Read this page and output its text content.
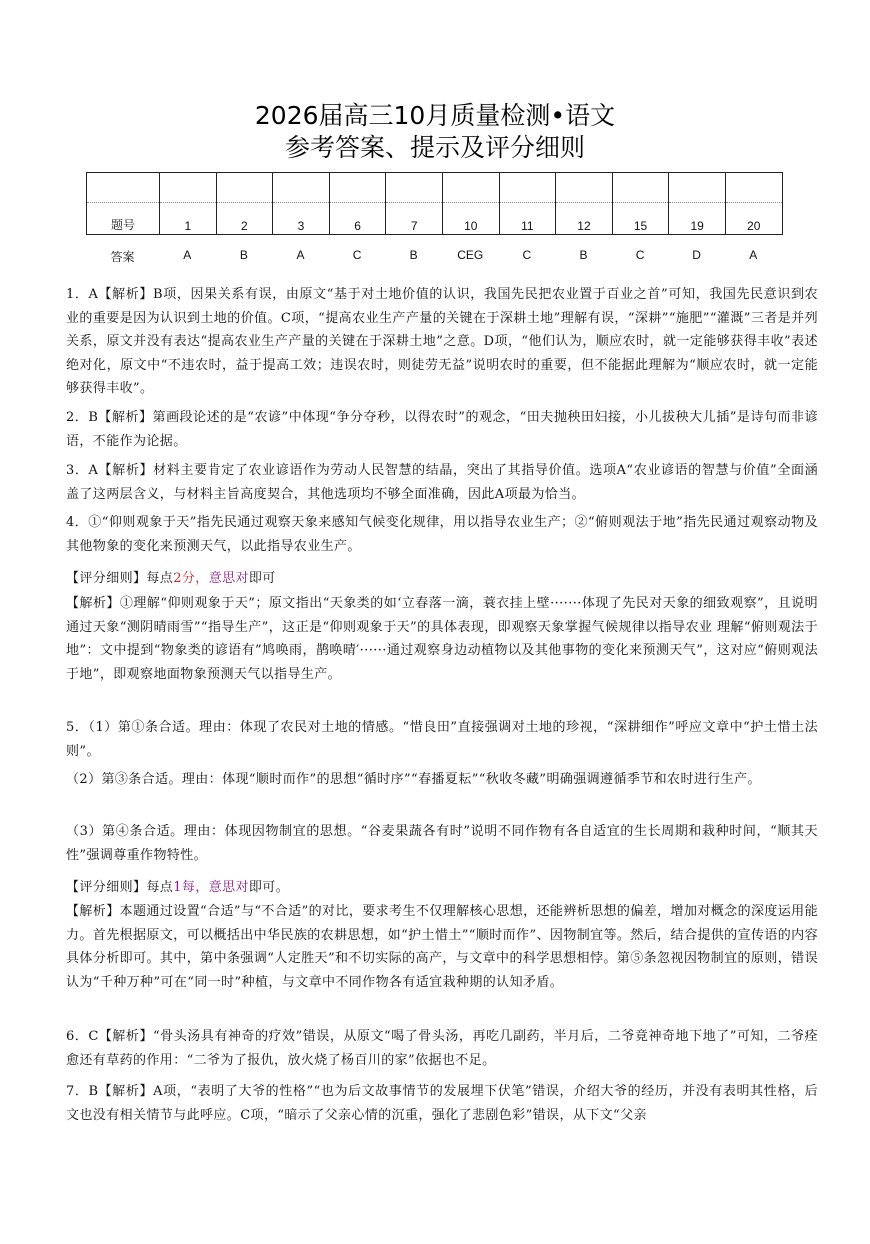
2026届高三10月质量检测•语文
参考答案、提示及评分细则

题号	1	2	3	6	7	10	11	12	15	19	20
答案	A	B	A	C	B	CEG	C	B	C	D	A

1．A【解析】B项，因果关系有误，由原文“基于对土地价值的认识，我国先民把农业置于百业之首”可知，我国先民意识到农业的重要是因为认识到土地的价值。C项，“提高农业生产产量的关键在于深耕土地”理解有误，“深耕”“施肥”“灌溉”三者是并列关系，原文并没有表达“提高农业生产产量的关键在于深耕土地”之意。D项，“他们认为，顺应农时，就一定能够获得丰收”表述绝对化，原文中“不违农时，益于提高工效；违误农时，则徒劳无益”说明农时的重要，但不能据此理解为“顺应农时，就一定能够获得丰收”。

2．B【解析】第画段论述的是“农谚”中体现“争分夺秒，以得农时”的观念，“田夫抛秧田妇接，小儿拔秧大儿插”是诗句而非谚语，不能作为论据。

3．A【解析】材料主要肯定了农业谚语作为劳动人民智慧的结晶，突出了其指导价值。选项A“农业谚语的智慧与价值”全面涵盖了这两层含义，与材料主旨高度契合，其他选项均不够全面准确，因此A项最为恰当。

4．①“仰则观象于天”指先民通过观察天象来感知气候变化规律，用以指导农业生产；②“俯则观法于地”指先民通过观察动物及其他物象的变化来预测天气，以此指导农业生产。

【评分细则】每点2分，意思对即可

【解析】①理解“仰则观象于天”；原文指出“天象类的如‘立春落一滴，蓑衣挂上壁·······体现了先民对天象的细致观察”，且说明通过天象“测阴晴雨雪”“指导生产”，这正是“仰则观象于天”的具体表现，即观察天象掌握气候规律以指导农业 理解“俯则观法于地”：文中提到“物象类的谚语有”鸠唤雨，鹊唤晴′······通过观察身边动植物以及其他事物的变化来预测天气”，这对应“俯则观法于地”，即观察地面物象预测天气以指导生产。

5．（1）第①条合适。理由：体现了农民对土地的情感。“惜良田”直接强调对土地的珍视，“深耕细作”呼应文章中“护土惜土法则”。

（2）第③条合适。理由：体现“顺时而作”的思想“循时序”“春播夏耘”“秋收冬藏”明确强调遵循季节和农时进行生产。

（3）第④条合适。理由：体现因物制宜的思想。“谷麦果蔬各有时”说明不同作物有各自适宜的生长周期和栽种时间，“顺其天性”强调尊重作物特性。

【评分细则】每点1每，意思对即可。

【解析】本题通过设置“合适”与“不合适”的对比，要求考生不仅理解核心思想，还能辨析思想的偏差，增加对概念的深度运用能力。首先根据原文，可以概括出中华民族的农耕思想，如“护土惜土”“顺时而作”、因物制宜等。然后，结合提供的宣传语的内容具体分析即可。其中，第中条强调“人定胜天”和不切实际的高产，与文章中的科学思想相悖。第⑤条忽视因物制宜的原则，错误认为“千种万种”可在“同一时”种植，与文章中不同作物各有适宜栽种期的认知矛盾。

6．C【解析】“骨头汤具有神奇的疗效”错误，从原文“喝了骨头汤，再吃几副药，半月后，二爷竟神奇地下地了”可知，二爷痊愈还有草药的作用：“二爷为了报仇，放火烧了杨百川的家”依据也不足。

7．B【解析】A项，“表明了大爷的性格”“也为后文故事情节的发展埋下伏笔”错误，介绍大爷的经历，并没有表明其性格，后文也没有相关情节与此呼应。C项，“暗示了父亲心情的沉重，强化了悲剧色彩”错误，从下文“父亲
